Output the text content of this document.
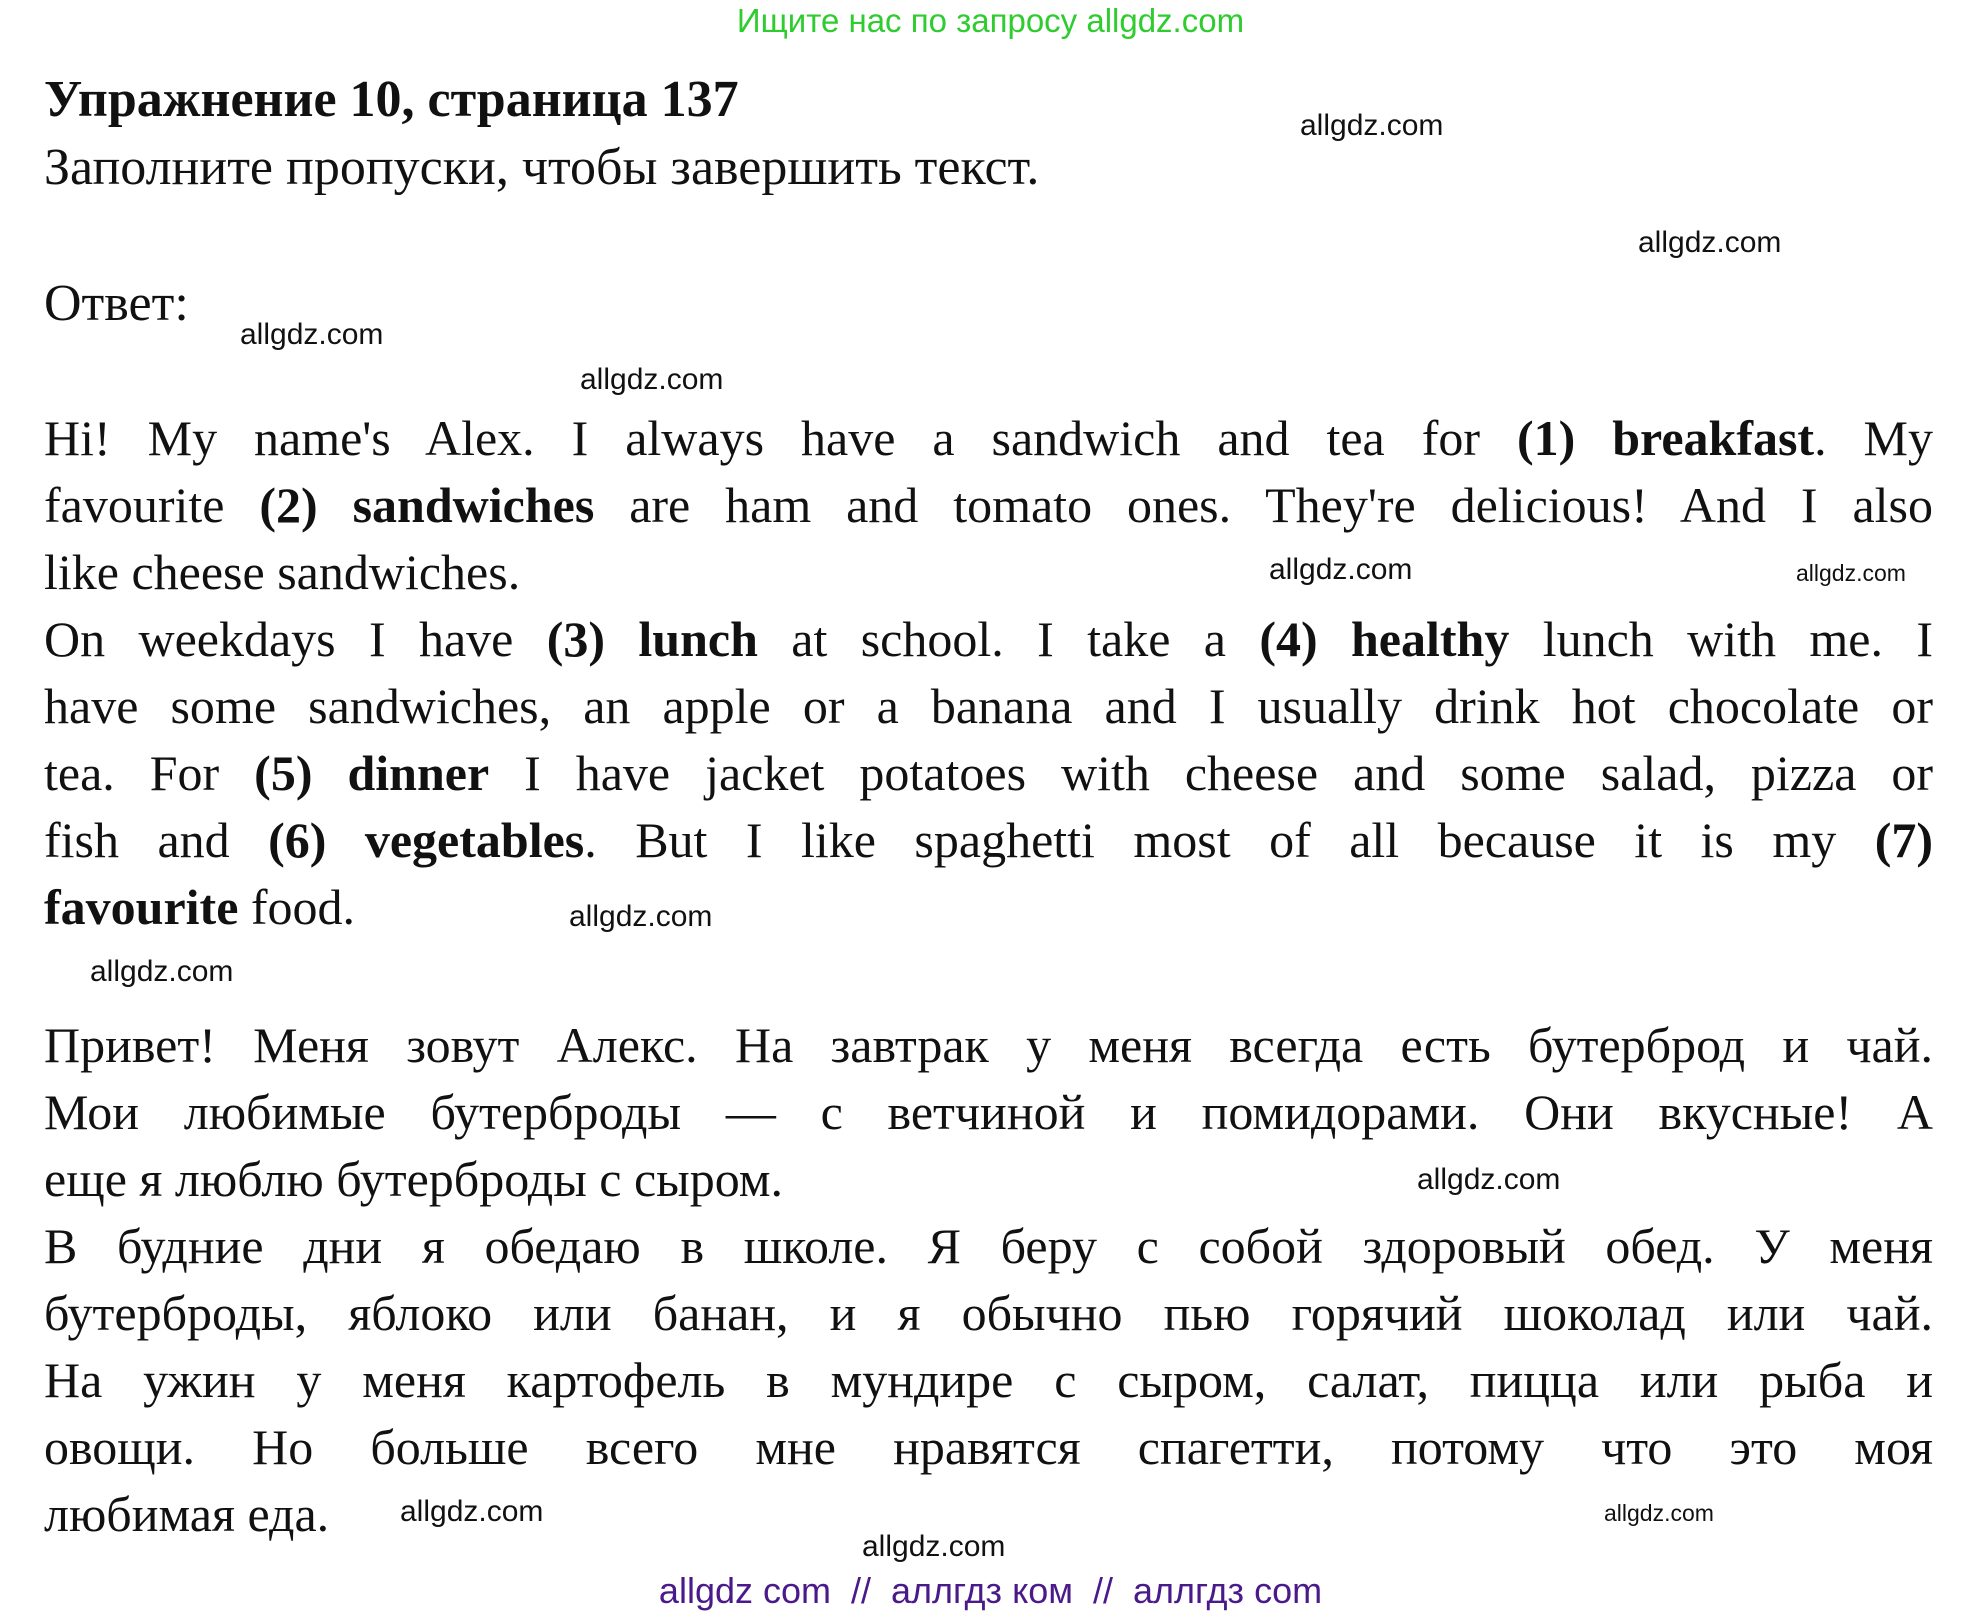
Ищите нас по запросу allgdz.com
Упражнение 10, страница 137
Заполните пропуски, чтобы завершить текст.
Ответ:
Hi! My name's Alex. I always have a sandwich and tea for (1) breakfast. My
favourite (2) sandwiches are ham and tomato ones. They're delicious! And I also
like cheese sandwiches.
On weekdays I have (3) lunch at school. I take a (4) healthy lunch with me. I
have some sandwiches, an apple or a banana and I usually drink hot chocolate or
tea. For (5) dinner I have jacket potatoes with cheese and some salad, pizza or
fish and (6) vegetables. But I like spaghetti most of all because it is my (7)
favourite food.
Привет! Меня зовут Алекс. На завтрак у меня всегда есть бутерброд и чай.
Мои любимые бутерброды — с ветчиной и помидорами. Они вкусные! А
еще я люблю бутерброды с сыром.
В будние дни я обедаю в школе. Я беру с собой здоровый обед. У меня
бутерброды, яблоко или банан, и я обычно пью горячий шоколад или чай.
На ужин у меня картофель в мундире с сыром, салат, пицца или рыба и
овощи. Но больше всего мне нравятся спагетти, потому что это моя
любимая еда.
allgdz.com
allgdz.com
allgdz.com
allgdz.com
allgdz.com	allgdz.com
allgdz.com
allgdz.com
allgdz.com
allgdz.com
allgdz.com
allgdz.com
allgdz com  //  аллгдз ком  //  аллгдз com
